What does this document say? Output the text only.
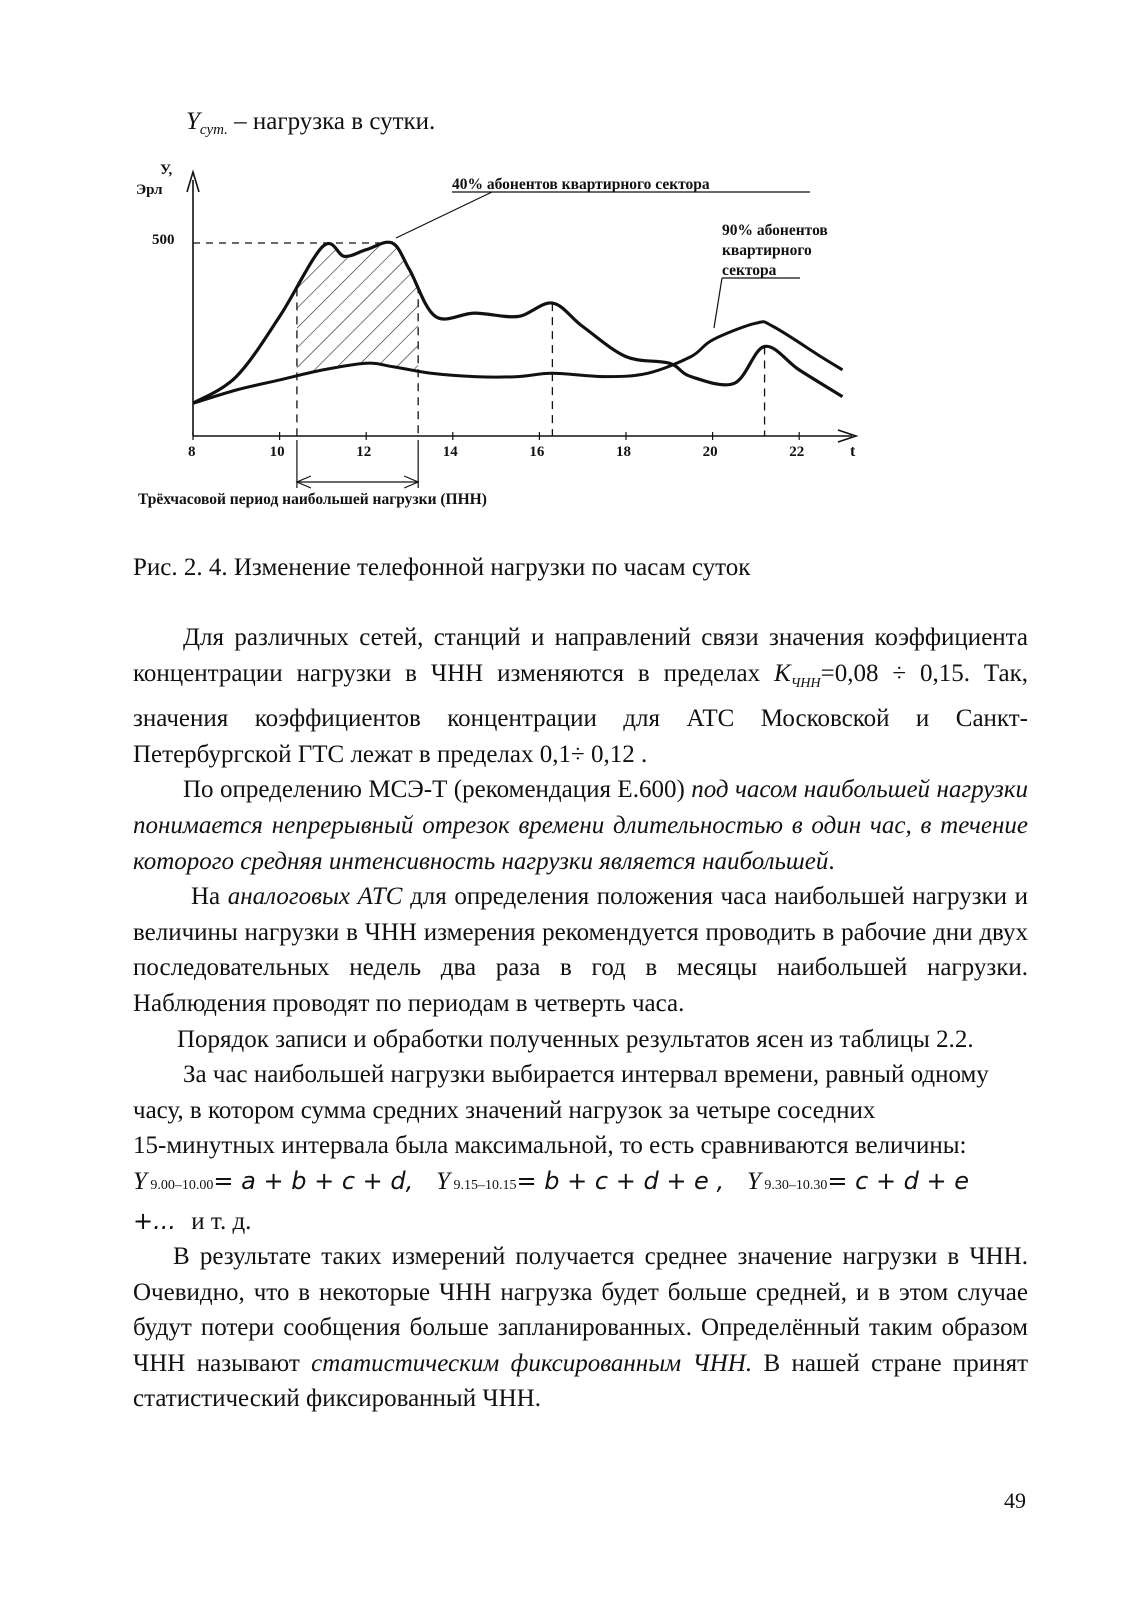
$Y_{сут.}$ – нагрузка в сутки.
У,
Эрл
t
500
8	10	12	14	16	18	20	22
40% абонентов квартирного сектора
90% абонентов
квартирного
сектора
Трёхчасовой период наибольшей нагрузки (ПНН)
Рис. 2. 4. Изменение телефонной нагрузки по часам суток

Для различных сетей, станций и направлений связи значения коэффициента концентрации нагрузки в ЧНН изменяются в пределах $K_{ЧНН}=0,08 \div 0,15$. Так, значения коэффициентов концентрации для АТС Московской и Санкт-Петербургской ГТС лежат в пределах 0,1÷ 0,12 .

По определению МСЭ-Т (рекомендация Е.600) под часом наибольшей нагрузки понимается непрерывный отрезок времени длительностью в один час, в течение которого средняя интенсивность нагрузки является наибольшей.

На аналоговых АТС для определения положения часа наибольшей нагрузки и величины нагрузки в ЧНН измерения рекомендуется проводить в рабочие дни двух последовательных недель два раза в год в месяцы наибольшей нагрузки. Наблюдения проводят по периодам в четверть часа.

Порядок записи и обработки полученных результатов ясен из таблицы 2.2.

За час наибольшей нагрузки выбирается интервал времени, равный одному

часу, в котором сумма средних значений нагрузок за четыре соседних

15-минутных интервала была максимальной, то есть сравниваются величины:

Y 9.00–10.00= a + b + c + d, Y 9.15–10.15= b + c + d + e , Y 9.30–10.30= c + d + e +... и т. д.

В результате таких измерений получается среднее значение нагрузки в ЧНН. Очевидно, что в некоторые ЧНН нагрузка будет больше средней, и в этом случае будут потери сообщения больше запланированных. Определённый таким образом ЧНН называют статистическим фиксированным ЧНН. В нашей стране принят статистический фиксированный ЧНН.

49
